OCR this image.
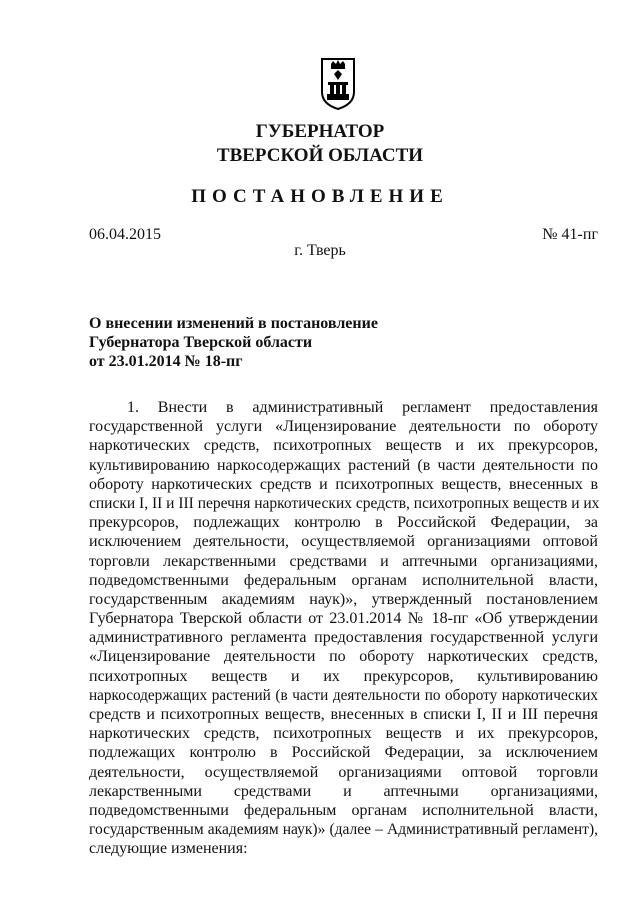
ГУБЕРНАТОР
ТВЕРСКОЙ ОБЛАСТИ
ПОСТАНОВЛЕНИЕ
06.04.2015	№ 41-пг
г. Тверь
О внесении изменений в постановление
Губернатора Тверской области
от 23.01.2014 № 18-пг
1. Внести в административный регламент предоставления
государственной услуги «Лицензирование деятельности по обороту
наркотических средств, психотропных веществ и их прекурсоров,
культивированию наркосодержащих растений (в части деятельности по
обороту наркотических средств и психотропных веществ, внесенных в
списки I, II и III перечня наркотических средств, психотропных веществ и их
прекурсоров, подлежащих контролю в Российской Федерации, за
исключением деятельности, осуществляемой организациями оптовой
торговли лекарственными средствами и аптечными организациями,
подведомственными федеральным органам исполнительной власти,
государственным академиям наук)», утвержденный постановлением
Губернатора Тверской области от 23.01.2014 № 18-пг «Об утверждении
административного регламента предоставления государственной услуги
«Лицензирование деятельности по обороту наркотических средств,
психотропных веществ и их прекурсоров, культивированию
наркосодержащих растений (в части деятельности по обороту наркотических
средств и психотропных веществ, внесенных в списки I, II и III перечня
наркотических средств, психотропных веществ и их прекурсоров,
подлежащих контролю в Российской Федерации, за исключением
деятельности, осуществляемой организациями оптовой торговли
лекарственными средствами и аптечными организациями,
подведомственными федеральным органам исполнительной власти,
государственным академиям наук)» (далее – Административный регламент),
следующие изменения:
